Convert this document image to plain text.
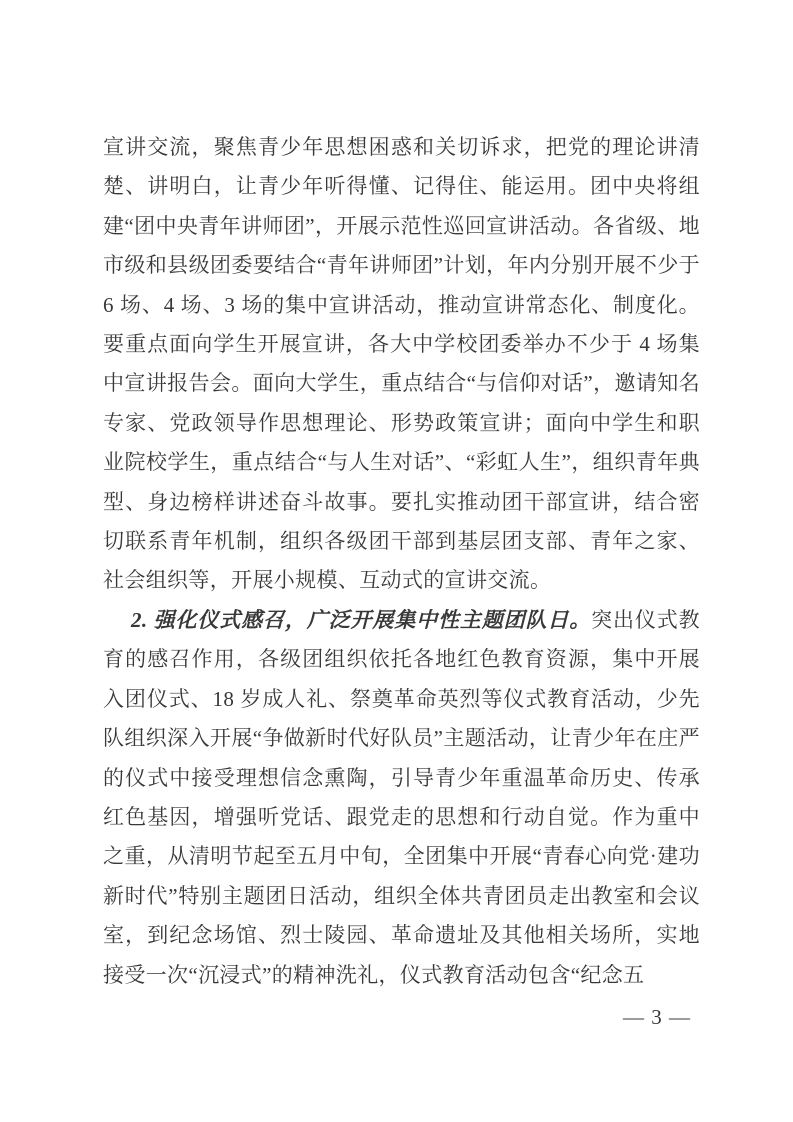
宣讲交流，聚焦青少年思想困惑和关切诉求，把党的理论讲清楚、讲明白，让青少年听得懂、记得住、能运用。团中央将组建“团中央青年讲师团”，开展示范性巡回宣讲活动。各省级、地市级和县级团委要结合“青年讲师团”计划，年内分别开展不少于 6 场、4 场、3 场的集中宣讲活动，推动宣讲常态化、制度化。要重点面向学生开展宣讲，各大中学校团委举办不少于 4 场集中宣讲报告会。面向大学生，重点结合“与信仰对话”，邀请知名专家、党政领导作思想理论、形势政策宣讲；面向中学生和职业院校学生，重点结合“与人生对话”、“彩虹人生”，组织青年典型、身边榜样讲述奋斗故事。要扎实推动团干部宣讲，结合密切联系青年机制，组织各级团干部到基层团支部、青年之家、社会组织等，开展小规模、互动式的宣讲交流。

2. 强化仪式感召，广泛开展集中性主题团队日。突出仪式教育的感召作用，各级团组织依托各地红色教育资源，集中开展入团仪式、18 岁成人礼、祭奠革命英烈等仪式教育活动，少先队组织深入开展“争做新时代好队员”主题活动，让青少年在庄严的仪式中接受理想信念熏陶，引导青少年重温革命历史、传承红色基因，增强听党话、跟党走的思想和行动自觉。作为重中之重，从清明节起至五月中旬，全团集中开展“青春心向党·建功新时代”特别主题团日活动，组织全体共青团员走出教室和会议室，到纪念场馆、烈士陵园、革命遗址及其他相关场所，实地接受一次“沉浸式”的精神洗礼，仪式教育活动包含“纪念五

— 3 —
